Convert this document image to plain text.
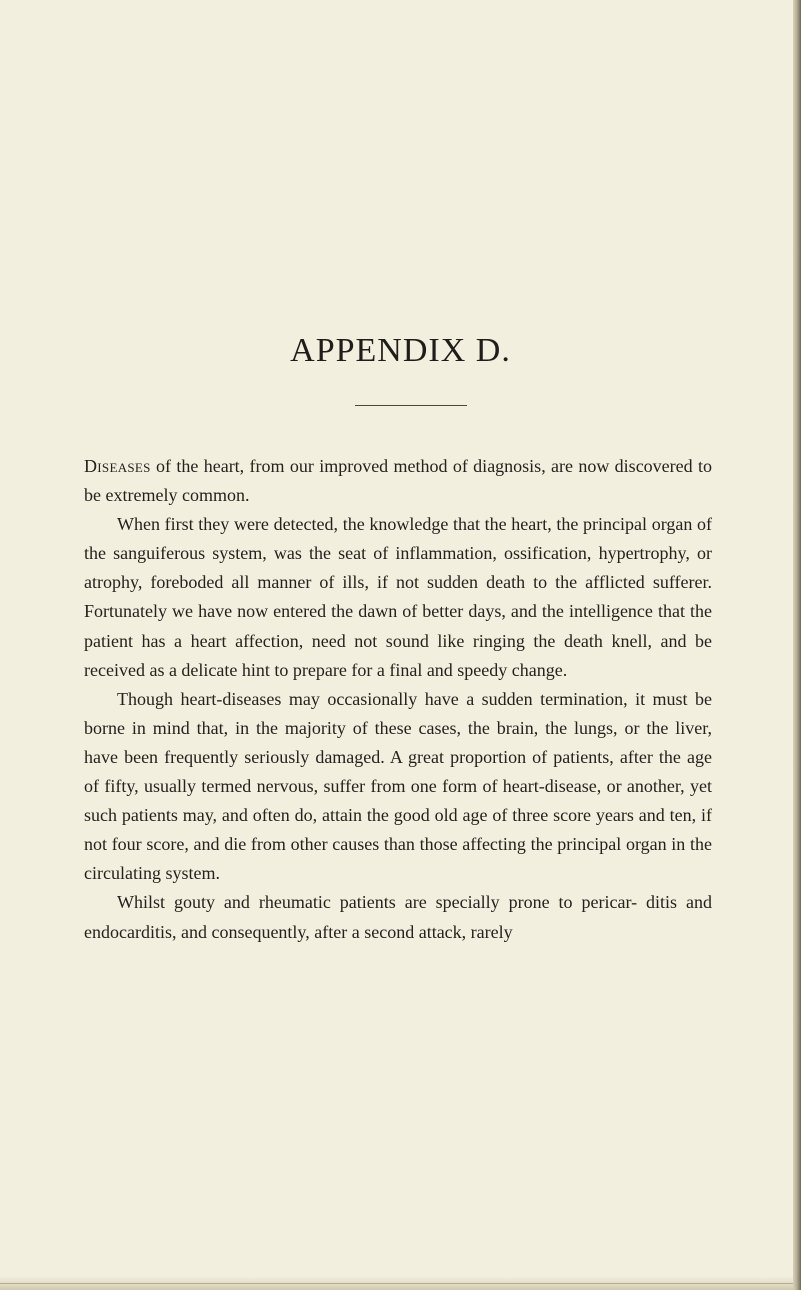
APPENDIX D.

Diseases of the heart, from our improved method of diagnosis, are now discovered to be extremely common.

When first they were detected, the knowledge that the heart, the principal organ of the sanguiferous system, was the seat of inflammation, ossification, hypertrophy, or atrophy, foreboded all manner of ills, if not sudden death to the afflicted sufferer. Fortunately we have now entered the dawn of better days, and the intelligence that the patient has a heart affection, need not sound like ringing the death knell, and be received as a delicate hint to prepare for a final and speedy change.

Though heart-diseases may occasionally have a sudden termination, it must be borne in mind that, in the majority of these cases, the brain, the lungs, or the liver, have been frequently seriously damaged. A great proportion of patients, after the age of fifty, usually termed nervous, suffer from one form of heart-disease, or another, yet such patients may, and often do, attain the good old age of three score years and ten, if not four score, and die from other causes than those affecting the principal organ in the circulating system.

Whilst gouty and rheumatic patients are specially prone to pericar- ditis and endocarditis, and consequently, after a second attack, rarely
